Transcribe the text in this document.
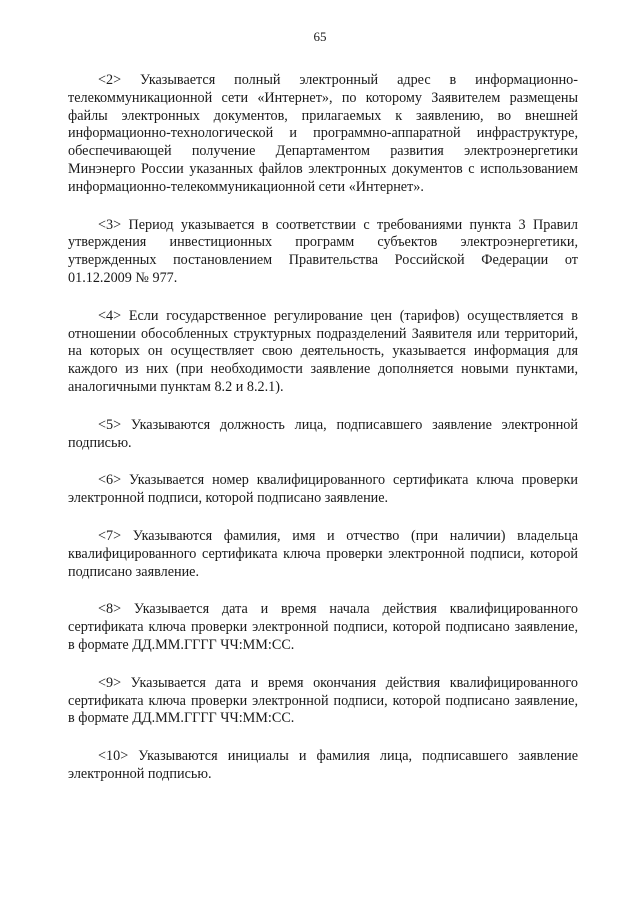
65

<2> Указывается полный электронный адрес в информационно-телекоммуникационной сети «Интернет», по которому Заявителем размещены файлы электронных документов, прилагаемых к заявлению, во внешней информационно-технологической и программно-аппаратной инфраструктуре, обеспечивающей получение Департаментом развития электроэнергетики Минэнерго России указанных файлов электронных документов с использованием информационно-телекоммуникационной сети «Интернет».

<3> Период указывается в соответствии с требованиями пункта 3 Правил утверждения инвестиционных программ субъектов электроэнергетики, утвержденных постановлением Правительства Российской Федерации от 01.12.2009 № 977.

<4> Если государственное регулирование цен (тарифов) осуществляется в отношении обособленных структурных подразделений Заявителя или территорий, на которых он осуществляет свою деятельность, указывается информация для каждого из них (при необходимости заявление дополняется новыми пунктами, аналогичными пунктам 8.2 и 8.2.1).

<5> Указываются должность лица, подписавшего заявление электронной подписью.

<6> Указывается номер квалифицированного сертификата ключа проверки электронной подписи, которой подписано заявление.

<7> Указываются фамилия, имя и отчество (при наличии) владельца квалифицированного сертификата ключа проверки электронной подписи, которой подписано заявление.

<8> Указывается дата и время начала действия квалифицированного сертификата ключа проверки электронной подписи, которой подписано заявление, в формате ДД.ММ.ГГГГ ЧЧ:ММ:СС.

<9> Указывается дата и время окончания действия квалифицированного сертификата ключа проверки электронной подписи, которой подписано заявление, в формате ДД.ММ.ГГГГ ЧЧ:ММ:СС.

<10> Указываются инициалы и фамилия лица, подписавшего заявление электронной подписью.
